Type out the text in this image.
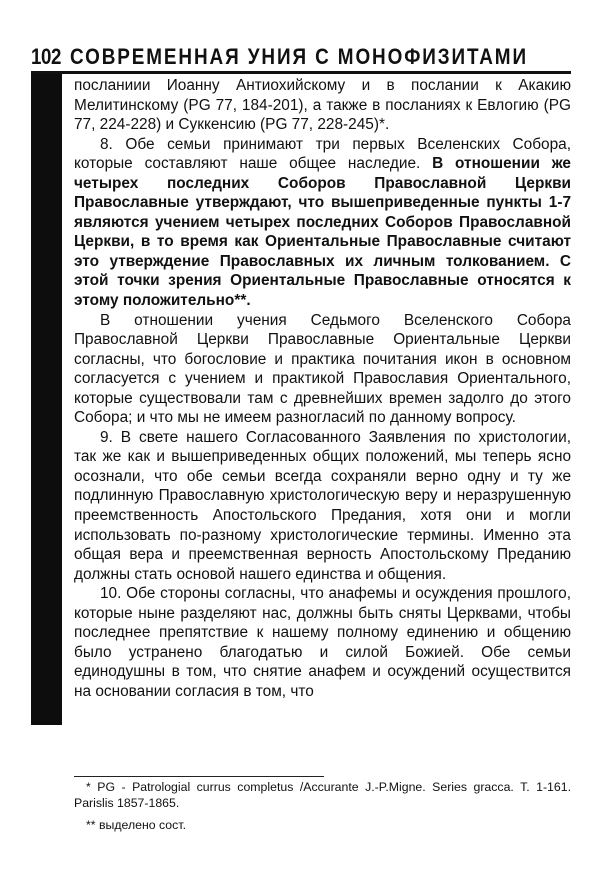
102 СОВРЕМЕННАЯ УНИЯ С МОНОФИЗИТАМИ
ОСТОРОЖНО:ЕРЕСЬ

посланиии Иоанну Антиохийскому и в послании к Акакию Мелитинскому (PG 77, 184-201), а также в посланиях к Евлогию (PG 77, 224-228) и Суккенсию (PG 77, 228-245)*.

8. Обе семьи принимают три первых Вселенских Собора, которые составляют наше общее наследие. В отношении же четырех последних Соборов Православной Церкви Православные утверждают, что вышеприведенные пункты 1-7 являются учением четырех последних Соборов Православной Церкви, в то время как Ориентальные Православные считают это утверждение Православных их личным толкованием. С этой точки зрения Ориентальные Православные относятся к этому положительно**.

В отношении учения Седьмого Вселенского Собора Православной Церкви Православные Ориентальные Церкви согласны, что богословие и практика почитания икон в основном согласуется с учением и практикой Православия Ориентального, которые существовали там с древнейших времен задолго до этого Собора; и что мы не имеем разногласий по данному вопросу.

9. В свете нашего Согласованного Заявления по христологии, так же как и вышеприведенных общих положений, мы теперь ясно осознали, что обе семьи всегда сохраняли верно одну и ту же подлинную Православную христологическую веру и неразрушенную преемственность Апостольского Предания, хотя они и могли использовать по-разному христологические термины. Именно эта общая вера и преемственная верность Апостольскому Преданию должны стать основой нашего единства и общения.

10. Обе стороны согласны, что анафемы и осуждения прошлого, которые ныне разделяют нас, должны быть сняты Церквами, чтобы последнее препятствие к нашему полному единению и общению было устранено благодатью и силой Божией. Обе семьи единодушны в том, что снятие анафем и осуждений осуществится на основании согласия в том, что

* PG - Patrologial currus completus /Accurante J.-P.Migne. Series gracca. T. 1-161. Parislis 1857-1865.

** выделено сост.
